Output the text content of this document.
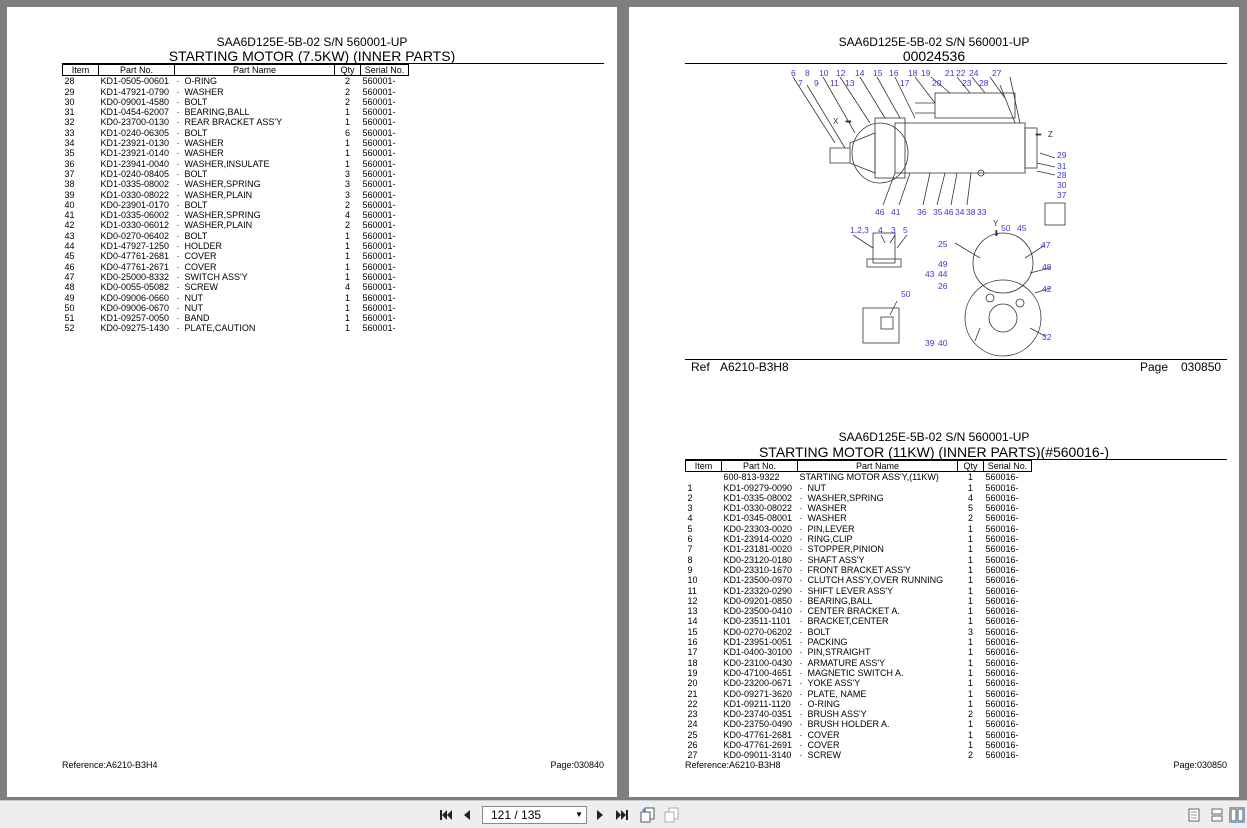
SAA6D125E-5B-02 S/N 560001-UP
STARTING MOTOR (7.5KW) (INNER PARTS)
Item	Part No.	Part Name	Qty	Serial No.
28	KD1-0505-00601	· O-RING	2	560001-
29	KD1-47921-0790	· WASHER	2	560001-
30	KD0-09001-4580	· BOLT	2	560001-
31	KD1-0454-62007	· BEARING,BALL	1	560001-
32	KD0-23700-0130	· REAR BRACKET ASS'Y	1	560001-
33	KD1-0240-06305	· BOLT	6	560001-
34	KD1-23921-0130	· WASHER	1	560001-
35	KD1-23921-0140	· WASHER	1	560001-
36	KD1-23941-0040	· WASHER,INSULATE	1	560001-
37	KD1-0240-08405	· BOLT	3	560001-
38	KD1-0335-08002	· WASHER,SPRING	3	560001-
39	KD1-0330-08022	· WASHER,PLAIN	3	560001-
40	KD0-23901-0170	· BOLT	2	560001-
41	KD1-0335-06002	· WASHER,SPRING	4	560001-
42	KD1-0330-06012	· WASHER,PLAIN	2	560001-
43	KD0-0270-06402	· BOLT	1	560001-
44	KD1-47927-1250	· HOLDER	1	560001-
45	KD0-47761-2681	· COVER	1	560001-
46	KD0-47761-2671	· COVER	1	560001-
47	KD0-25000-8332	· SWITCH ASS'Y	1	560001-
48	KD0-0055-05082	· SCREW	4	560001-
49	KD0-09006-0660	· NUT	1	560001-
50	KD0-09006-0670	· NUT	1	560001-
51	KD1-09257-0050	· BAND	1	560001-
52	KD0-09275-1430	· PLATE,CAUTION	1	560001-
Reference:A6210-B3H4	Page:030840
SAA6D125E-5B-02 S/N 560001-UP
00024536
6 8 10 12 14 15 16 18 19 21 22 24 27
7 9 11 13	17	20 23 28
29
31
28
30
37
46 41 36 35 46 34 38 33
1,2,3 4 3 5	50 45
47
25
49
43 44
48
26	42
32
39 40
50
X ➡
⬅ Z
Y
⬇
Ref A6210-B3H8	Page 030850
SAA6D125E-5B-02 S/N 560001-UP
STARTING MOTOR (11KW) (INNER PARTS)(#560016-)
Item	Part No.	Part Name	Qty	Serial No.
	600-813-9322	STARTING MOTOR ASS'Y,(11KW)	1	560016-
1	KD1-09279-0090	· NUT	1	560016-
2	KD1-0335-08002	· WASHER,SPRING	4	560016-
3	KD1-0330-08022	· WASHER	5	560016-
4	KD1-0345-08001	· WASHER	2	560016-
5	KD0-23303-0020	· PIN,LEVER	1	560016-
6	KD1-23914-0020	· RING,CLIP	1	560016-
7	KD1-23181-0020	· STOPPER,PINION	1	560016-
8	KD0-23120-0180	· SHAFT ASS'Y	1	560016-
9	KD0-23310-1670	· FRONT BRACKET ASS'Y	1	560016-
10	KD1-23500-0970	· CLUTCH ASS'Y,OVER RUNNING	1	560016-
11	KD1-23320-0290	· SHIFT LEVER ASS'Y	1	560016-
12	KD0-09201-0850	· BEARING,BALL	1	560016-
13	KD0-23500-0410	· CENTER BRACKET A.	1	560016-
14	KD0-23511-1101	· BRACKET,CENTER	1	560016-
15	KD0-0270-06202	· BOLT	3	560016-
16	KD1-23951-0051	· PACKING	1	560016-
17	KD1-0400-30100	· PIN,STRAIGHT	1	560016-
18	KD0-23100-0430	· ARMATURE ASS'Y	1	560016-
19	KD0-47100-4651	· MAGNETIC SWITCH A.	1	560016-
20	KD0-23200-0671	· YOKE ASS'Y	1	560016-
21	KD0-09271-3620	· PLATE, NAME	1	560016-
22	KD1-09211-1120	· O-RING	1	560016-
23	KD0-23740-0351	· BRUSH ASS'Y	2	560016-
24	KD0-23750-0490	· BRUSH HOLDER A.	1	560016-
25	KD0-47761-2681	· COVER	1	560016-
26	KD0-47761-2691	· COVER	1	560016-
27	KD0-09011-3140	· SCREW	2	560016-
Reference:A6210-B3H8	Page:030850
121 / 135	▼
